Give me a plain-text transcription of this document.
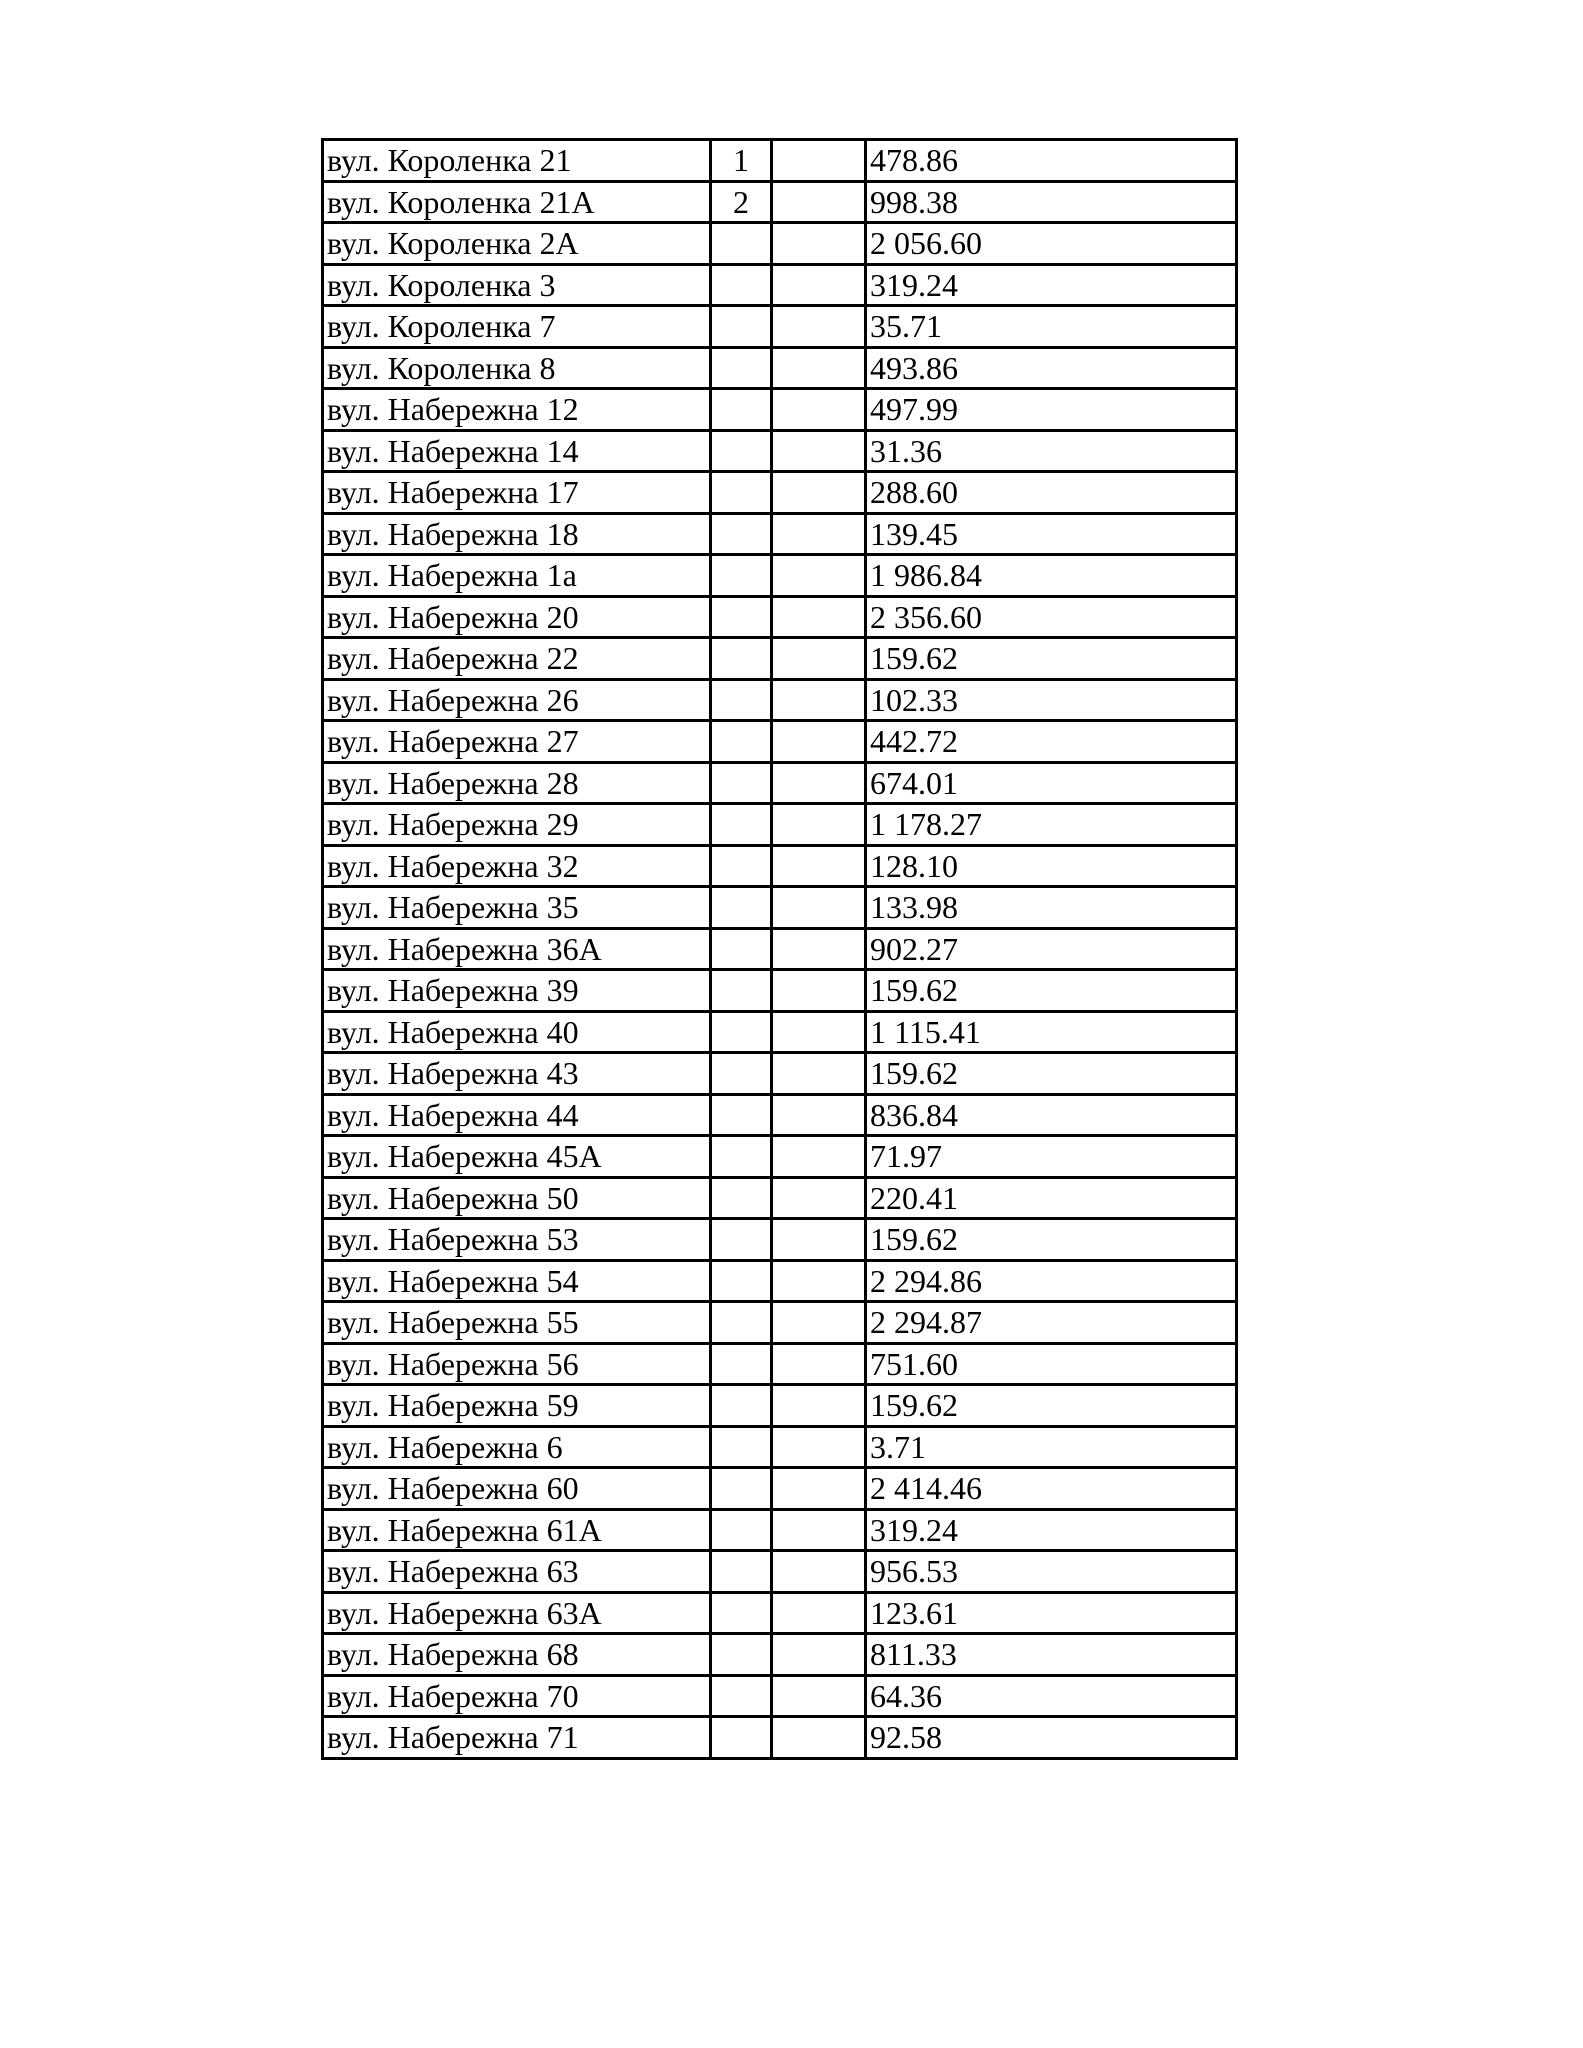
вул. Короленка 21	1		478.86
вул. Короленка 21А	2		998.38
вул. Короленка 2А			2 056.60
вул. Короленка 3			319.24
вул. Короленка 7			35.71
вул. Короленка 8			493.86
вул. Набережна 12			497.99
вул. Набережна 14			31.36
вул. Набережна 17			288.60
вул. Набережна 18			139.45
вул. Набережна 1а			1 986.84
вул. Набережна 20			2 356.60
вул. Набережна 22			159.62
вул. Набережна 26			102.33
вул. Набережна 27			442.72
вул. Набережна 28			674.01
вул. Набережна 29			1 178.27
вул. Набережна 32			128.10
вул. Набережна 35			133.98
вул. Набережна 36А			902.27
вул. Набережна 39			159.62
вул. Набережна 40			1 115.41
вул. Набережна 43			159.62
вул. Набережна 44			836.84
вул. Набережна 45А			71.97
вул. Набережна 50			220.41
вул. Набережна 53			159.62
вул. Набережна 54			2 294.86
вул. Набережна 55			2 294.87
вул. Набережна 56			751.60
вул. Набережна 59			159.62
вул. Набережна 6			3.71
вул. Набережна 60			2 414.46
вул. Набережна 61А			319.24
вул. Набережна 63			956.53
вул. Набережна 63А			123.61
вул. Набережна 68			811.33
вул. Набережна 70			64.36
вул. Набережна 71			92.58
